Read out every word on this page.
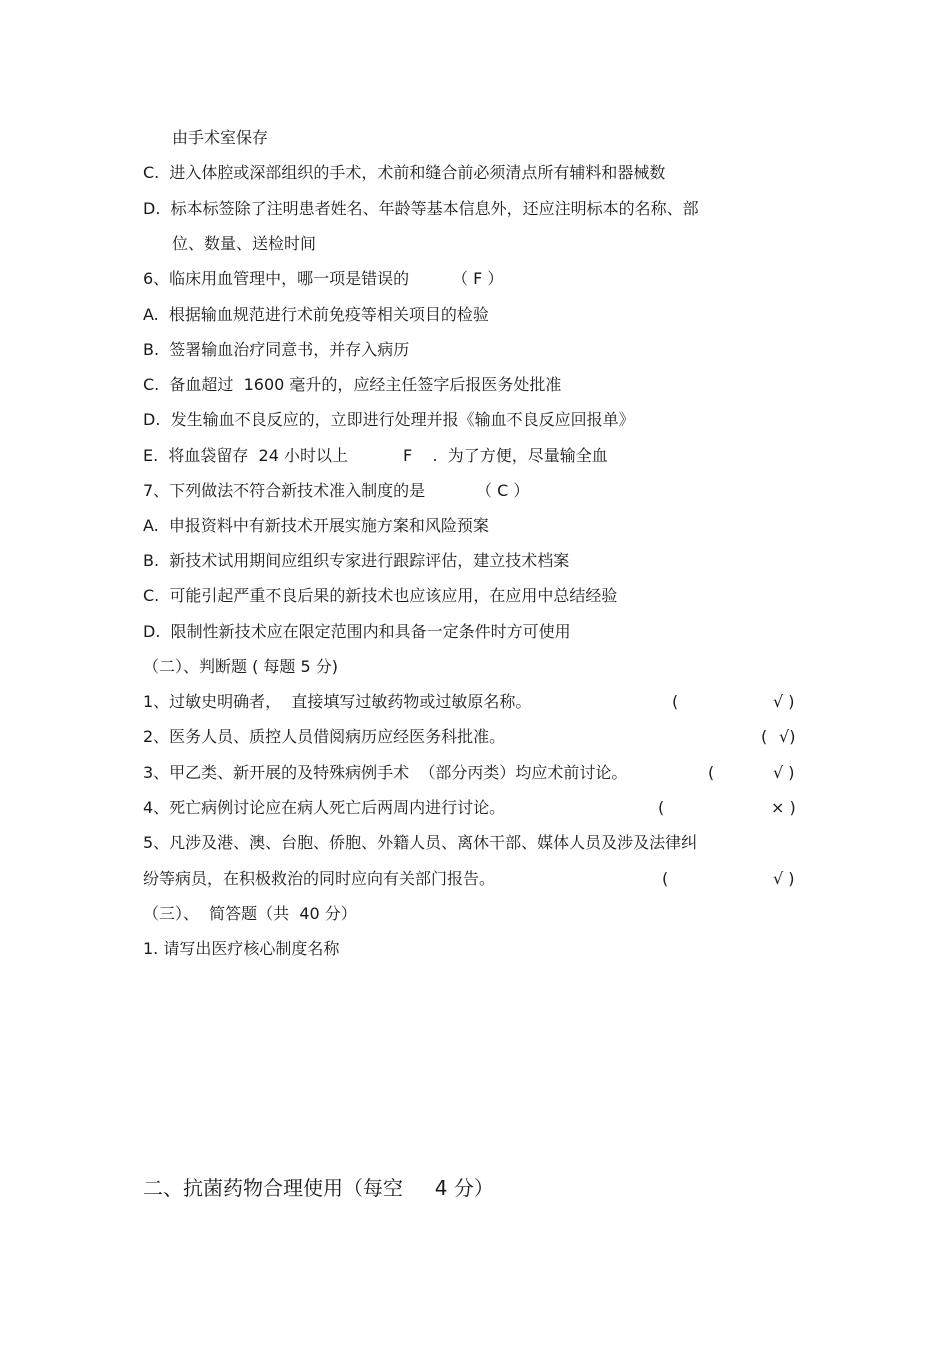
由手术室保存
C.  进入体腔或深部组织的手术，术前和缝合前必须清点所有辅料和器械数
D.  标本标签除了注明患者姓名、年龄等基本信息外，还应注明标本的名称、部
位、数量、送检时间
6、临床用血管理中，哪一项是错误的	（ F ）
A.  根据输血规范进行术前免疫等相关项目的检验
B.  签署输血治疗同意书，并存入病历
C.  备血超过  1600 毫升的，应经主任签字后报医务处批准
D.  发生输血不良反应的，立即进行处理并报《输血不良反应回报单》
E.  将血袋留存  24 小时以上	F    .  为了方便，尽量输全血
7、下列做法不符合新技术准入制度的是	（ C ）
A.  申报资料中有新技术开展实施方案和风险预案
B.  新技术试用期间应组织专家进行跟踪评估，建立技术档案
C.  可能引起严重不良后果的新技术也应该应用，在应用中总结经验
D.  限制性新技术应在限定范围内和具备一定条件时方可使用
（二）、判断题 ( 每题 5 分)
1、过敏史明确者，  直接填写过敏药物或过敏原名称。	(	√ )
2、医务人员、质控人员借阅病历应经医务科批准。	( √)
3、甲乙类、新开展的及特殊病例手术  （部分丙类）均应术前讨论。	(	√ )
4、死亡病例讨论应在病人死亡后两周内进行讨论。	(	× )
5、凡涉及港、澳、台胞、侨胞、外籍人员、离休干部、媒体人员及涉及法律纠
纷等病员，在积极救治的同时应向有关部门报告。	(	√ )
（三）、  简答题（共  40 分）
1. 请写出医疗核心制度名称
二、抗菌药物合理使用（每空     4 分）
